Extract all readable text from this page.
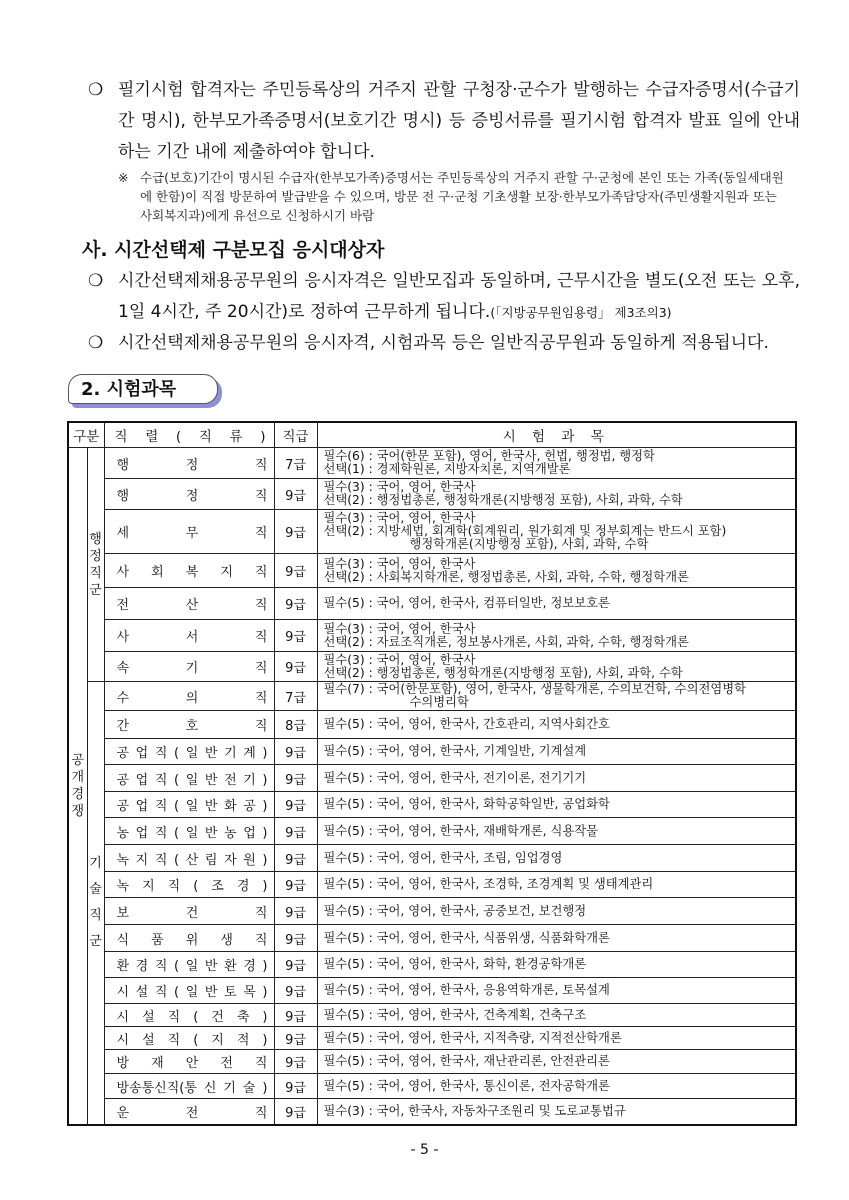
❍ 필기시험 합격자는 주민등록상의 거주지 관할 구청장·군수가 발행하는 수급자증명서(수급기간 명시), 한부모가족증명서(보호기간 명시) 등 증빙서류를 필기시험 합격자 발표 일에 안내하는 기간 내에 제출하여야 합니다.
※ 수급(보호)기간이 명시된 수급자(한부모가족)증명서는 주민등록상의 거주지 관할 구·군청에 본인 또는 가족(동일세대원에 한함)이 직접 방문하여 발급받을 수 있으며, 방문 전 구·군청 기초생활 보장·한부모가족담당자(주민생활지원과 또는 사회복지과)에게 유선으로 신청하시기 바람
사. 시간선택제 구분모집 응시대상자
❍ 시간선택제채용공무원의 응시자격은 일반모집과 동일하며, 근무시간을 별도(오전 또는 오후, 1일 4시간, 주 20시간)로 정하여 근무하게 됩니다.(「지방공무원임용령」 제3조의3)
❍ 시간선택제채용공무원의 응시자격, 시험과목 등은 일반직공무원과 동일하게 적용됩니다.
2. 시험과목
구분		직 렬 ( 직 류 )	직급	시 험 과 목
공개경쟁	행정직군	행 정 직	7급	필수(6) : 국어(한문 포함), 영어, 한국사, 헌법, 행정법, 행정학
선택(1) : 경제학원론, 지방자치론, 지역개발론

		행 정 직	9급	필수(3) : 국어, 영어, 한국사
선택(2) : 행정법총론, 행정학개론(지방행정 포함), 사회, 과학, 수학

		세 무 직	9급	필수(3) : 국어, 영어, 한국사
선택(2) : 지방세법, 회계학(회계원리, 원가회계 및 정부회계는 반드시 포함)
행정학개론(지방행정 포함), 사회, 과학, 수학

		사 회 복 지 직	9급	필수(3) : 국어, 영어, 한국사
선택(2) : 사회복지학개론, 행정법총론, 사회, 과학, 수학, 행정학개론

		전 산 직	9급	필수(5) : 국어, 영어, 한국사, 컴퓨터일반, 정보보호론

		사 서 직	9급	필수(3) : 국어, 영어, 한국사
선택(2) : 자료조직개론, 정보봉사개론, 사회, 과학, 수학, 행정학개론

		속 기 직	9급	필수(3) : 국어, 영어, 한국사
선택(2) : 행정법총론, 행정학개론(지방행정 포함), 사회, 과학, 수학

	기술직군	수 의 직	7급	필수(7) : 국어(한문포함), 영어, 한국사, 생물학개론, 수의보건학, 수의전염병학
수의병리학

		간 호 직	8급	필수(5) : 국어, 영어, 한국사, 간호관리, 지역사회간호

		공 업 직 ( 일 반 기 계 )	9급	필수(5) : 국어, 영어, 한국사, 기계일반, 기계설계

		공 업 직 ( 일 반 전 기 )	9급	필수(5) : 국어, 영어, 한국사, 전기이론, 전기기기

		공 업 직 ( 일 반 화 공 )	9급	필수(5) : 국어, 영어, 한국사, 화학공학일반, 공업화학

		농 업 직 ( 일 반 농 업 )	9급	필수(5) : 국어, 영어, 한국사, 재배학개론, 식용작물

		녹 지 직 ( 산 림 자 원 )	9급	필수(5) : 국어, 영어, 한국사, 조림, 임업경영

		녹 지 직 ( 조 경 )	9급	필수(5) : 국어, 영어, 한국사, 조경학, 조경계획 및 생태계관리

		보 건 직	9급	필수(5) : 국어, 영어, 한국사, 공중보건, 보건행정

		식 품 위 생 직	9급	필수(5) : 국어, 영어, 한국사, 식품위생, 식품화학개론

		환 경 직 ( 일 반 환 경 )	9급	필수(5) : 국어, 영어, 한국사, 화학, 환경공학개론

		시 설 직 ( 일 반 토 목 )	9급	필수(5) : 국어, 영어, 한국사, 응용역학개론, 토목설계

		시 설 직 ( 건 축 )	9급	필수(5) : 국어, 영어, 한국사, 건축계획, 건축구조

		시 설 직 ( 지 적 )	9급	필수(5) : 국어, 영어, 한국사, 지적측량, 지적전산학개론

		방 재 안 전 직	9급	필수(5) : 국어, 영어, 한국사, 재난관리론, 안전관리론

		방송통신직(통 신 기 술 )	9급	필수(5) : 국어, 영어, 한국사, 통신이론, 전자공학개론

		운 전 직	9급	필수(3) : 국어, 한국사, 자동차구조원리 및 도로교통법규
- 5 -
